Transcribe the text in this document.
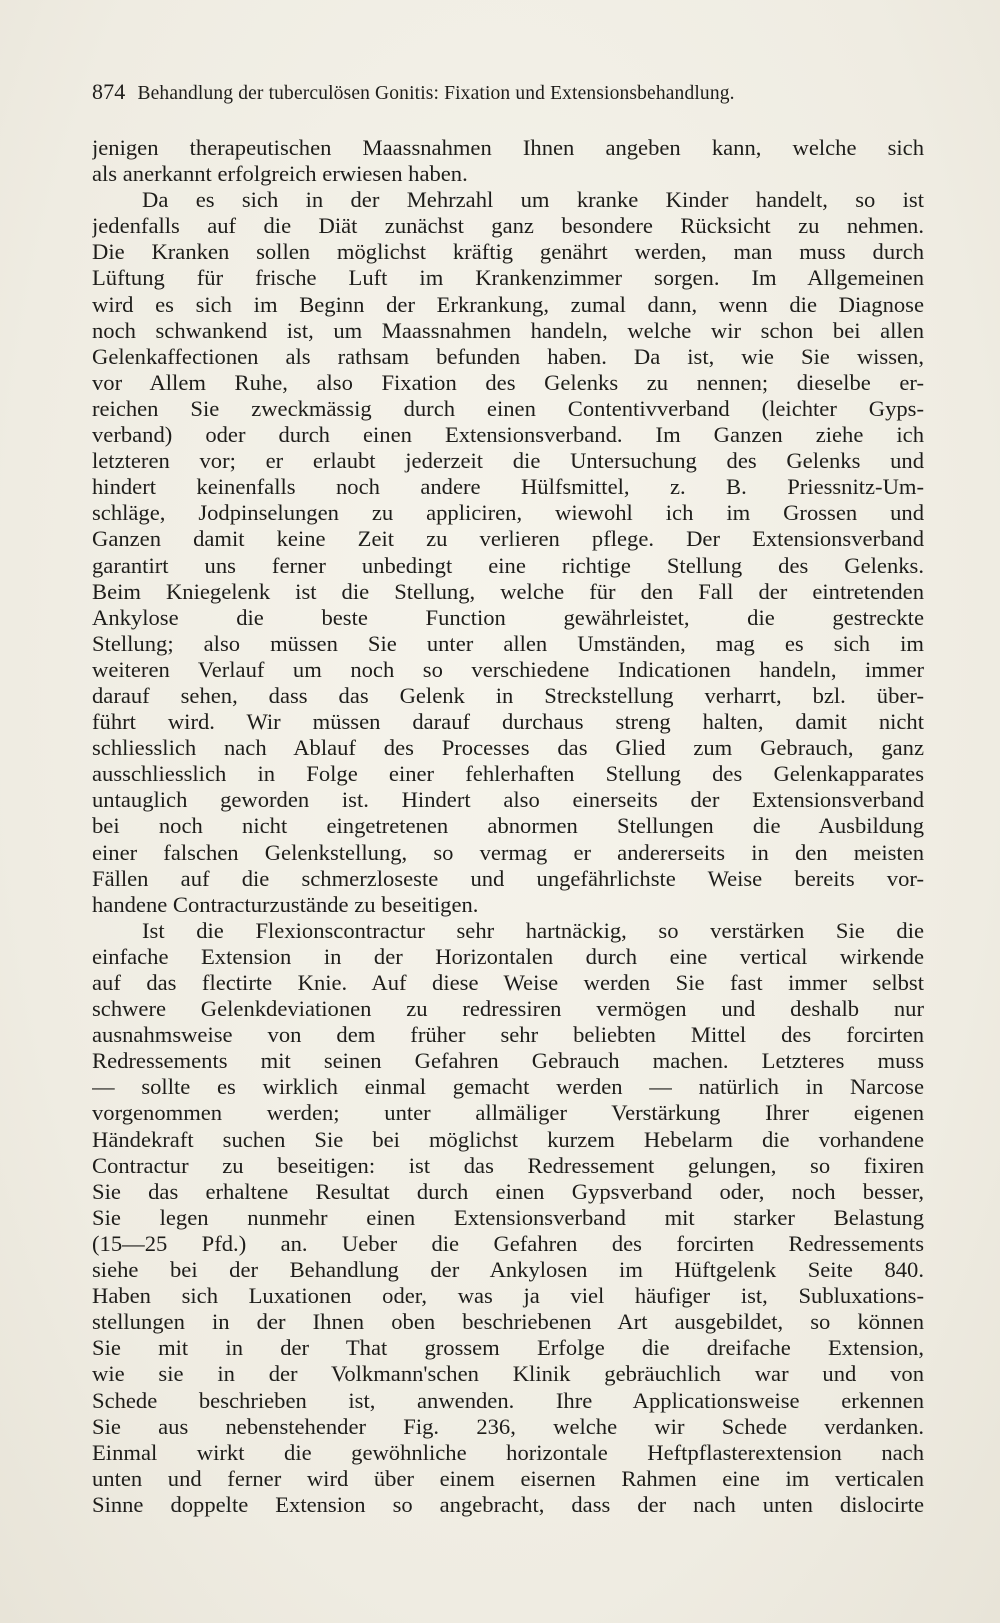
874 Behandlung der tuberculösen Gonitis: Fixation und Extensionsbehandlung.
jenigen therapeutischen Maassnahmen Ihnen angeben kann, welche sich
als anerkannt erfolgreich erwiesen haben.
Da es sich in der Mehrzahl um kranke Kinder handelt, so ist
jedenfalls auf die Diät zunächst ganz besondere Rücksicht zu nehmen.
Die Kranken sollen möglichst kräftig genährt werden, man muss durch
Lüftung für frische Luft im Krankenzimmer sorgen. Im Allgemeinen
wird es sich im Beginn der Erkrankung, zumal dann, wenn die Diagnose
noch schwankend ist, um Maassnahmen handeln, welche wir schon bei allen
Gelenkaffectionen als rathsam befunden haben. Da ist, wie Sie wissen,
vor Allem Ruhe, also Fixation des Gelenks zu nennen; dieselbe er-
reichen Sie zweckmässig durch einen Contentivverband (leichter Gyps-
verband) oder durch einen Extensionsverband. Im Ganzen ziehe ich
letzteren vor; er erlaubt jederzeit die Untersuchung des Gelenks und
hindert keinenfalls noch andere Hülfsmittel, z. B. Priessnitz-Um-
schläge, Jodpinselungen zu appliciren, wiewohl ich im Grossen und
Ganzen damit keine Zeit zu verlieren pflege. Der Extensionsverband
garantirt uns ferner unbedingt eine richtige Stellung des Gelenks.
Beim Kniegelenk ist die Stellung, welche für den Fall der eintretenden
Ankylose die beste Function gewährleistet, die gestreckte
Stellung; also müssen Sie unter allen Umständen, mag es sich im
weiteren Verlauf um noch so verschiedene Indicationen handeln, immer
darauf sehen, dass das Gelenk in Streckstellung verharrt, bzl. über-
führt wird. Wir müssen darauf durchaus streng halten, damit nicht
schliesslich nach Ablauf des Processes das Glied zum Gebrauch, ganz
ausschliesslich in Folge einer fehlerhaften Stellung des Gelenkapparates
untauglich geworden ist. Hindert also einerseits der Extensionsverband
bei noch nicht eingetretenen abnormen Stellungen die Ausbildung
einer falschen Gelenkstellung, so vermag er andererseits in den meisten
Fällen auf die schmerzloseste und ungefährlichste Weise bereits vor-
handene Contracturzustände zu beseitigen.
Ist die Flexionscontractur sehr hartnäckig, so verstärken Sie die
einfache Extension in der Horizontalen durch eine vertical wirkende
auf das flectirte Knie. Auf diese Weise werden Sie fast immer selbst
schwere Gelenkdeviationen zu redressiren vermögen und deshalb nur
ausnahmsweise von dem früher sehr beliebten Mittel des forcirten
Redressements mit seinen Gefahren Gebrauch machen. Letzteres muss
— sollte es wirklich einmal gemacht werden — natürlich in Narcose
vorgenommen werden; unter allmäliger Verstärkung Ihrer eigenen
Händekraft suchen Sie bei möglichst kurzem Hebelarm die vorhandene
Contractur zu beseitigen: ist das Redressement gelungen, so fixiren
Sie das erhaltene Resultat durch einen Gypsverband oder, noch besser,
Sie legen nunmehr einen Extensionsverband mit starker Belastung
(15—25 Pfd.) an. Ueber die Gefahren des forcirten Redressements
siehe bei der Behandlung der Ankylosen im Hüftgelenk Seite 840.
Haben sich Luxationen oder, was ja viel häufiger ist, Subluxations-
stellungen in der Ihnen oben beschriebenen Art ausgebildet, so können
Sie mit in der That grossem Erfolge die dreifache Extension,
wie sie in der Volkmann'schen Klinik gebräuchlich war und von
Schede beschrieben ist, anwenden. Ihre Applicationsweise erkennen
Sie aus nebenstehender Fig. 236, welche wir Schede verdanken.
Einmal wirkt die gewöhnliche horizontale Heftpflasterextension nach
unten und ferner wird über einem eisernen Rahmen eine im verticalen
Sinne doppelte Extension so angebracht, dass der nach unten dislocirte
